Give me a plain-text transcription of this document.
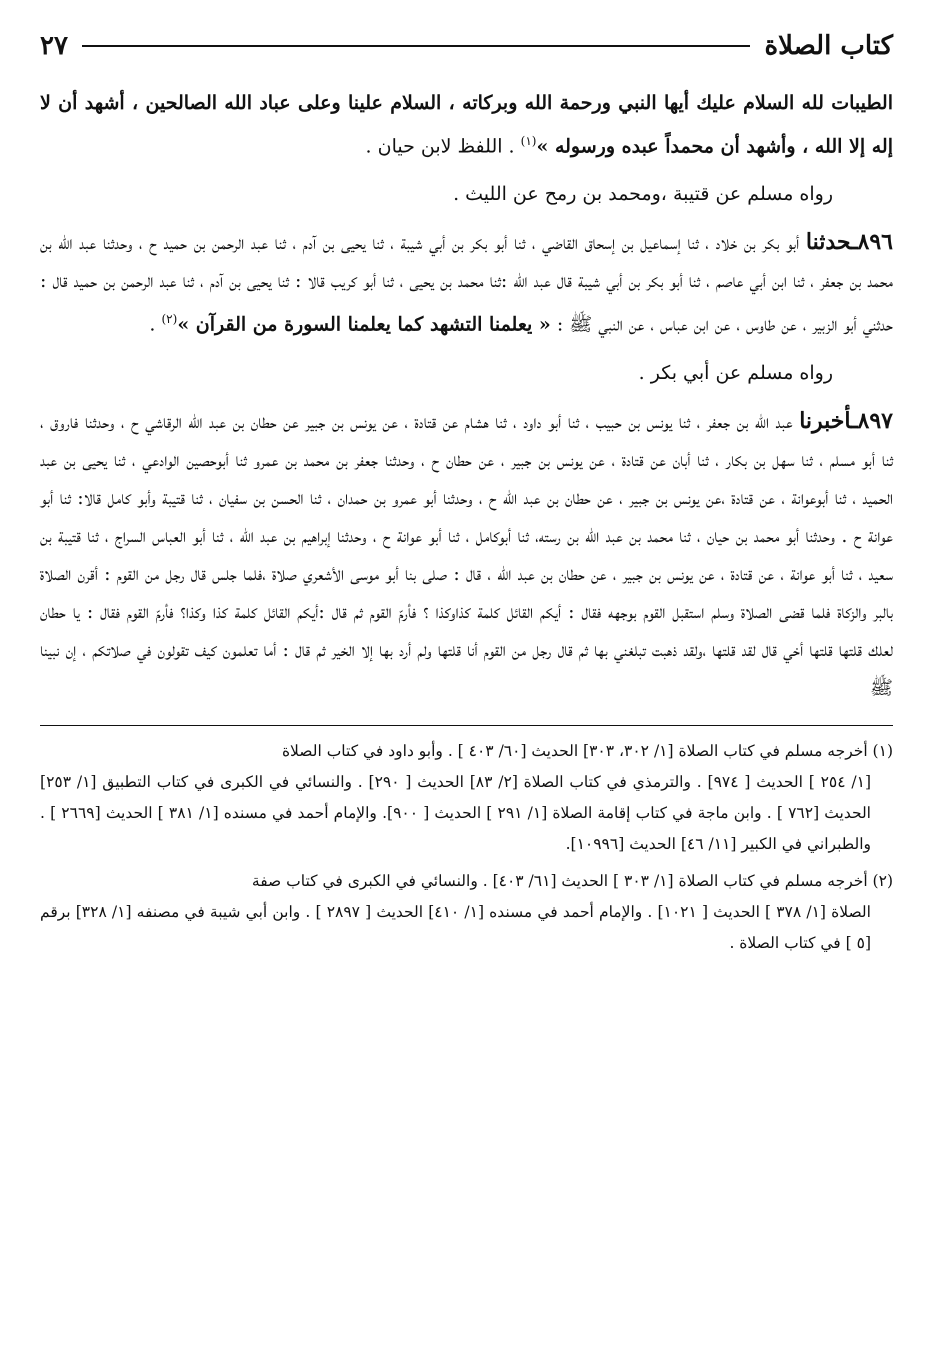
كتاب الصلاة
٢٧

الطيبات لله السلام عليك أيها النبي ورحمة الله وبركاته ، السلام علينا وعلى عباد الله الصالحين ، أشهد أن لا إله إلا الله ، وأشهد أن محمداً عبده ورسوله »$^{(١)}$ . اللفظ لابن حيان .

رواه مسلم عن قتيبة ،ومحمد بن رمح عن الليث .

٨٩٦ـحدثنا أبو بكر بن خلاد ، ثنا إسماعيل بن إسحاق القاضي ، ثنا أبو بكر بن أبي شيبة ، ثنا يحيى بن آدم ، ثنا عبد الرحمن بن حميد ح ، وحدثنا عبد الله بن محمد بن جعفر ، ثنا ابن أبي عاصم ، ثنا أبو بكر بن أبي شيبة قال عبد الله :ثنا محمد بن يحيى ، ثنا أبو كريب قالا : ثنا يحيى بن آدم ، ثنا عبد الرحمن بن حميد قال : حدثني أبو الزبير ، عن طاوس ، عن ابن عباس ، عن النبي ﷺ : « يعلمنا التشهد كما يعلمنا السورة من القرآن »$^{(٢)}$ .

رواه مسلم عن أبي بكر .

٨٩٧ـأخبرنا عبد الله بن جعفر ، ثنا يونس بن حبيب ، ثنا أبو داود ، ثنا هشام عن قتادة ، عن يونس بن جبير عن حطان بن عبد الله الرقاشي ح ، وحدثنا فاروق ، ثنا أبو مسلم ، ثنا سهل بن بكار ، ثنا أبان عن قتادة ، عن يونس بن جبير ، عن حطان ح ، وحدثنا جعفر بن محمد بن عمرو ثنا أبوحصين الوادعي ، ثنا يحيى بن عبد الحميد ، ثنا أبوعوانة ، عن قتادة ،عن يونس بن جبير ، عن حطان بن عبد الله ح ، وحدثنا أبو عمرو بن حمدان ، ثنا الحسن بن سفيان ، ثنا قتيبة وأبو كامل قالا: ثنا أبو عوانة ح . وحدثنا أبو محمد بن حيان ، ثنا محمد بن عبد الله بن رسته، ثنا أبوكامل ، ثنا أبو عوانة ح ، وحدثنا إبراهيم بن عبد الله ، ثنا أبو العباس السراج ، ثنا قتيبة بن سعيد ، ثنا أبو عوانة ، عن قتادة ، عن يونس بن جبير ، عن حطان بن عبد الله ، قال : صلى بنا أبو موسى الأشعري صلاة ،فلما جلس قال رجل من القوم : أقرن الصلاة بالبر والزكاة فلما قضى الصلاة وسلم استقبل القوم بوجهه فقال : أيكم القائل كلمة كذاوكذا ؟ فأرمّ القوم ثم قال :أيكم القائل كلمة كذا وكذا؟ فأرمّ القوم فقال : يا حطان لعلك قلتها قلتها أخي قال لقد قلتها ،ولقد ذهبت تبلغني بها ثم قال رجل من القوم أنا قلتها ولم أرد بها إلا الخير ثم قال : أما تعلمون كيف تقولون في صلاتكم ، إن نبينا ﷺ

(١) أخرجه مسلم في كتاب الصلاة [١/ ٣٠٢، ٣٠٣] الحديث [٦٠/ ٤٠٣ ] . وأبو داود في كتاب الصلاة
[١/ ٢٥٤ ] الحديث [ ٩٧٤] . والترمذي في كتاب الصلاة [٢/ ٨٣] الحديث [ ٢٩٠] . والنسائي في الكبرى في كتاب التطبيق [١/ ٢٥٣] الحديث [٧٦٢ ] . وابن ماجة في كتاب إقامة الصلاة [١/ ٢٩١ ] الحديث [ ٩٠٠]. والإمام أحمد في مسنده [١/ ٣٨١ ] الحديث [٢٦٦٩ ] . والطبراني في الكبير [١١/ ٤٦] الحديث [١٠٩٩٦].

(٢) أخرجه مسلم في كتاب الصلاة [١/ ٣٠٣ ] الحديث [٦١/ ٤٠٣] . والنسائي في الكبرى في كتاب صفة
الصلاة [١/ ٣٧٨ ] الحديث [ ١٠٢١] . والإمام أحمد في مسنده [١/ ٤١٠] الحديث [ ٢٨٩٧ ] . وابن أبي شيبة في مصنفه [١/ ٣٢٨] برقم [٥ ] في كتاب الصلاة .
